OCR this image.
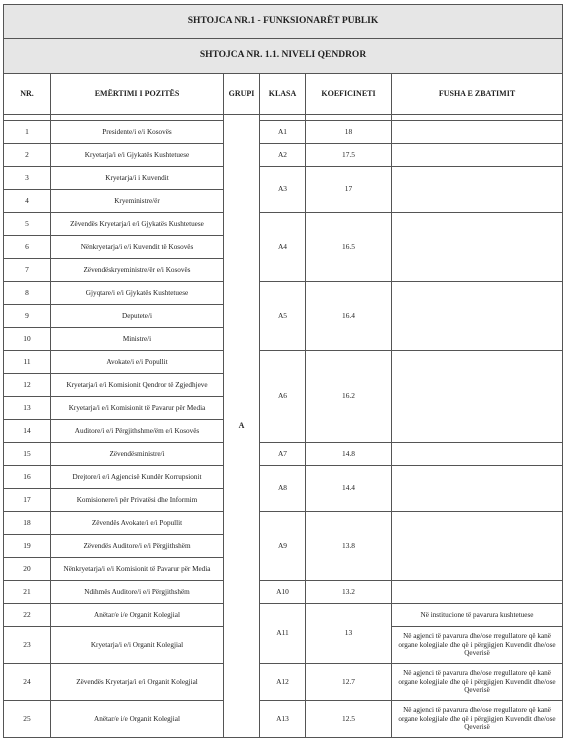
SHTOJCA NR.1 - FUNKSIONARËT PUBLIK					
SHTOJCA NR. 1.1. NIVELI QENDROR					
NR.	EMËRTIMI I POZITËS	GRUPI	KLASA	KOEFICINETI	FUSHA E ZBATIMIT
		A			
1	Presidente/i e/i Kosovës		A1	18	
2	Kryetarja/i e/i Gjykatës Kushtetuese		A2	17.5	
3	Kryetarja/i i Kuvendit		A3	17	
4	Kryeministre/ër				
5	Zëvendës Kryetarja/i e/i Gjykatës Kushtetuese		A4	16.5	
6	Nënkryetarja/i e/i Kuvendit të Kosovës				
7	Zëvendëskryeministre/ër e/i Kosovës				
8	Gjyqtare/i e/i Gjykatës Kushtetuese		A5	16.4	
9	Deputete/i				
10	Ministre/i				
11	Avokate/i e/i Popullit		A6	16.2	
12	Kryetarja/i e/i Komisionit Qendror të Zgjedhjeve				
13	Kryetarja/i e/i Komisionit të Pavarur për Media				
14	Auditore/i e/i Përgjithshme/ëm e/i Kosovës				
15	Zëvendësministre/i		A7	14.8	
16	Drejtore/i e/i Agjencisë Kundër Korrupsionit		A8	14.4	
17	Komisionere/i për Privatësi dhe Informim				
18	Zëvendës Avokate/i e/i Popullit		A9	13.8	
19	Zëvendës Auditore/i e/i Përgjithshëm				
20	Nënkryetarja/i e/i Komisionit të Pavarur për Media				
21	Ndihmës Auditore/i e/i Përgjithshëm		A10	13.2	
22	Anëtar/e i/e Organit Kolegjial		A11	13	Në institucione të pavarura kushtetuese
23	Kryetarja/i e/i Organit Kolegjial				Në agjenci të pavarura dhe/ose rregullatore që kanë organe kolegjiale dhe që i përgjigjen Kuvendit dhe/ose Qeverisë
24	Zëvendës Kryetarja/i e/i Organit Kolegjial		A12	12.7	Në agjenci të pavarura dhe/ose rregullatore që kanë organe kolegjiale dhe që i përgjigjen Kuvendit dhe/ose Qeverisë
25	Anëtar/e i/e Organit Kolegjial		A13	12.5	Në agjenci të pavarura dhe/ose rregullatore që kanë organe kolegjiale dhe që i përgjigjen Kuvendit dhe/ose Qeverisë
